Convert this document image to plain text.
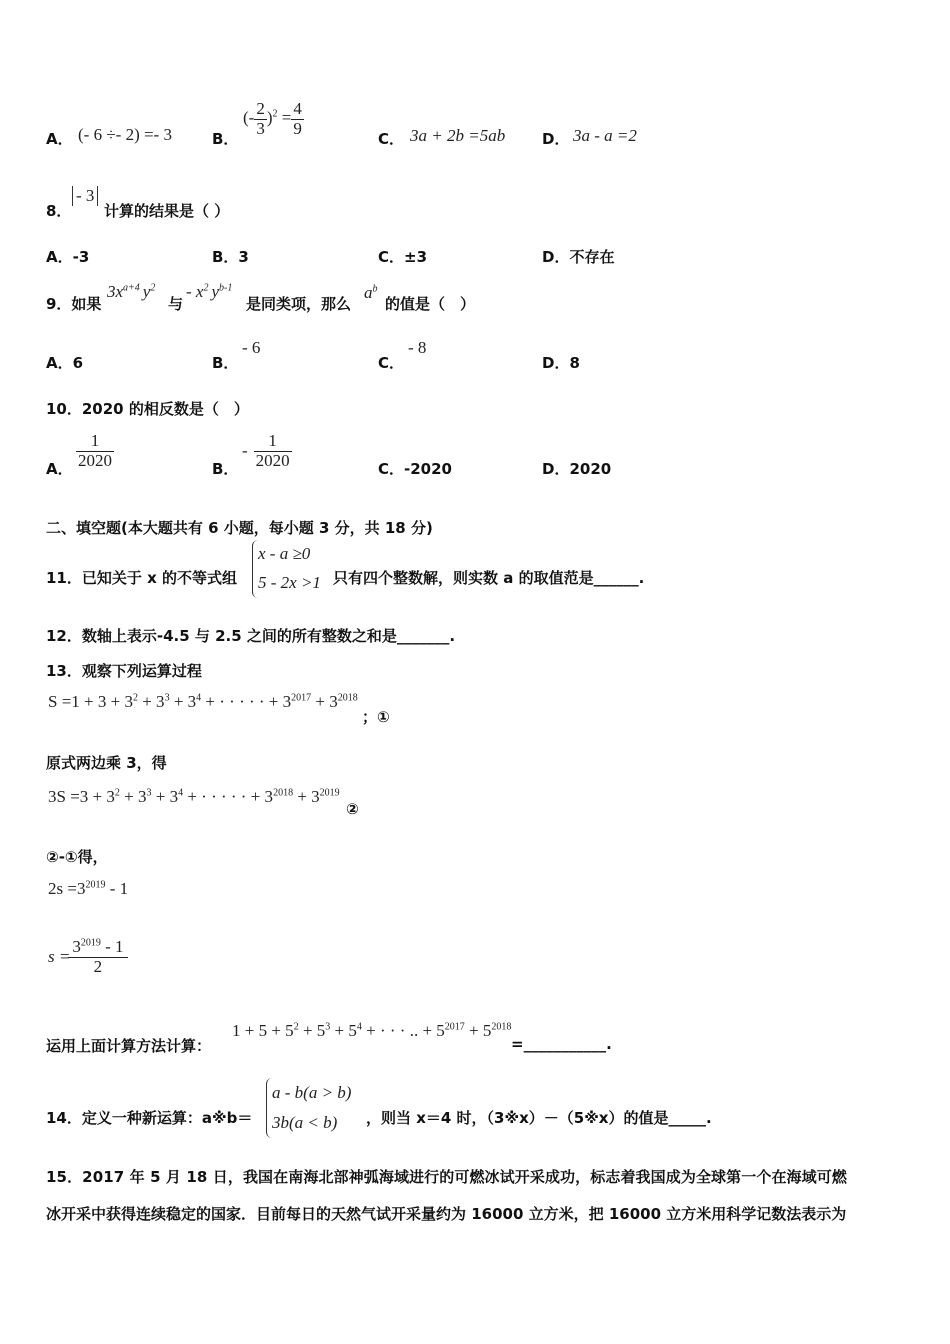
A． (- 6 ÷- 2) =- 3	B．
(- $\frac{2}{3} )^2 = \frac{4}{9}$
C． 3a + 2b =5ab D． 3a - a =2
8．
- 3
计算的结果是（ ）
A．-3	B．3	C．±3	D．不存在
9．如果
$3x^{a+4}$ $y^2$
与
- $x^2$ $y^{b-1}$
是同类项，那么
$a^b$
的值是（　）
A．6	B．
- 6
C．
- 8
D．8
10．2020 的相反数是（　）
A． $\frac{1}{2020}$	B．
- $\frac{1}{2020}$	C．-2020	D．2020
二、填空题(本大题共有 6 小题，每小题 3 分，共 18 分)
11．已知关于 x 的不等式组
x - a ≥0
5 - 2x >1 只有四个整数解，则实数 a 的取值范是______.
12．数轴上表示-4.5 与 2.5 之间的所有整数之和是_______.
13．观察下列运算过程
$S =1 + 3 + 3^2 + 3^3 + 3^4$ + · · · · · + $3^{2017} + 3^{2018}$
；①
原式两边乘 3，得
$3S =3 + 3^2 + 3^3 + 3^4$ + · · · · · + $3^{2018} + 3^{2019}$
②
②-①得，
$2s =3^{2019} - 1$
$s = \frac{3^{2019} - 1}{2}$
运用上面计算方法计算：
$1 + 5 + 5^2 + 5^3 + 5^4$ + · · · .. + $5^{2017} + 5^{2018}$
=___________.
14．定义一种新运算：a※b＝
a - b(a > b)
3b(a < b)	，则当 x＝4 时，（3※x）－（5※x）的值是_____.
15．2017 年 5 月 18 日，我国在南海北部神弧海域进行的可燃冰试开采成功，标志着我国成为全球第一个在海域可燃
冰开采中获得连续稳定的国家．目前每日的天然气试开采量约为 16000 立方米，把 16000 立方米用科学记数法表示为
